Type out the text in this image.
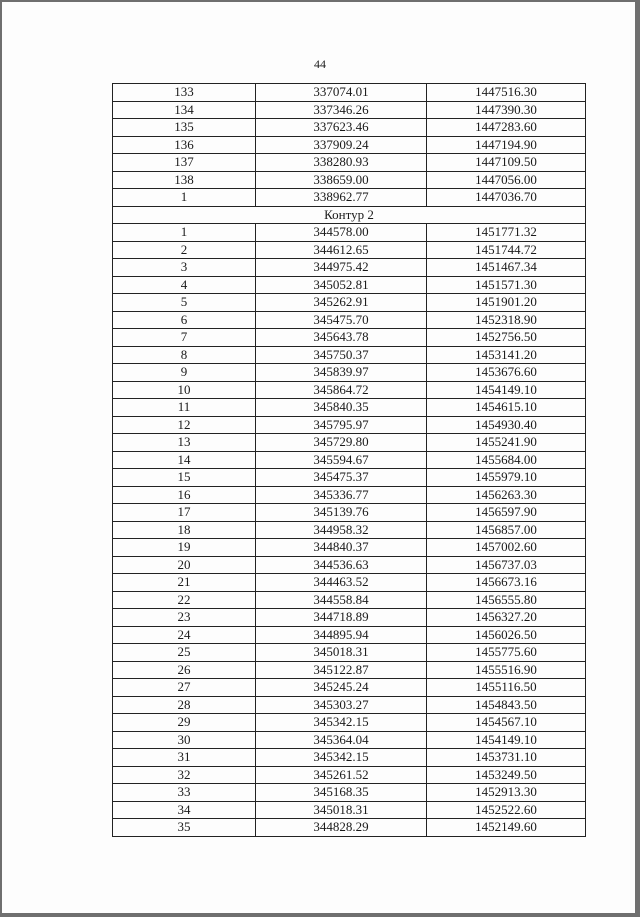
44
133	337074.01	1447516.30
134	337346.26	1447390.30
135	337623.46	1447283.60
136	337909.24	1447194.90
137	338280.93	1447109.50
138	338659.00	1447056.00
1	338962.77	1447036.70
Контур 2		
1	344578.00	1451771.32
2	344612.65	1451744.72
3	344975.42	1451467.34
4	345052.81	1451571.30
5	345262.91	1451901.20
6	345475.70	1452318.90
7	345643.78	1452756.50
8	345750.37	1453141.20
9	345839.97	1453676.60
10	345864.72	1454149.10
11	345840.35	1454615.10
12	345795.97	1454930.40
13	345729.80	1455241.90
14	345594.67	1455684.00
15	345475.37	1455979.10
16	345336.77	1456263.30
17	345139.76	1456597.90
18	344958.32	1456857.00
19	344840.37	1457002.60
20	344536.63	1456737.03
21	344463.52	1456673.16
22	344558.84	1456555.80
23	344718.89	1456327.20
24	344895.94	1456026.50
25	345018.31	1455775.60
26	345122.87	1455516.90
27	345245.24	1455116.50
28	345303.27	1454843.50
29	345342.15	1454567.10
30	345364.04	1454149.10
31	345342.15	1453731.10
32	345261.52	1453249.50
33	345168.35	1452913.30
34	345018.31	1452522.60
35	344828.29	1452149.60
